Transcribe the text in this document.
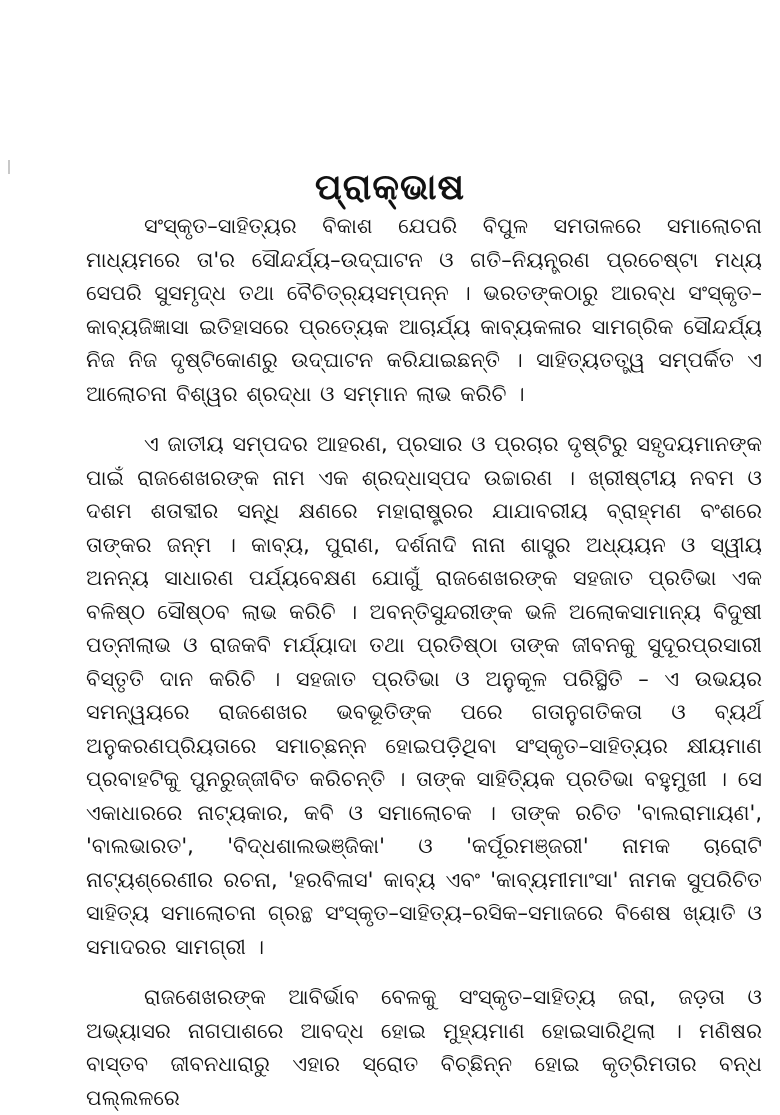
ପ୍ରାକ୍‌ଭାଷ

ସଂସ୍କୃତ–ସାହିତ୍ୟର ବିକାଶ ଯେପରି ବିପୁଳ ସମତାଳରେ ସମାଲୋଚନା ମାଧ୍ୟମରେ ତା'ର ସୌନ୍ଦର୍ଯ୍ୟ–ଉଦ୍‌ଘାଟନ ଓ ଗତି–ନିୟନ୍ତ୍ରଣ ପ୍ରଚେଷ୍ଟା ମଧ୍ୟ ସେପରି ସୁସମୃଦ୍ଧ ତଥା ବୈଚିତ୍ର୍ୟସମ୍ପନ୍ନ । ଭରତଙ୍କଠାରୁ ଆରବ୍ଧ ସଂସ୍କୃତ–କାବ୍ୟଜିଜ୍ଞାସା ଇତିହାସରେ ପ୍ରତ୍ୟେକ ଆଚାର୍ଯ୍ୟ କାବ୍ୟକଳାର ସାମଗ୍ରିକ ସୌନ୍ଦର୍ଯ୍ୟ ନିଜ ନିଜ ଦୃଷ୍ଟିକୋଣରୁ ଉଦ୍‌ଘାଟନ କରିଯାଇଛନ୍ତି । ସାହିତ୍ୟତତ୍ତ୍ୱ ସମ୍ପର୍କିତ ଏ ଆଲୋଚନା ବିଶ୍ୱର ଶ୍ରଦ୍ଧା ଓ ସମ୍ମାନ ଲାଭ କରିଚି ।

ଏ ଜାତୀୟ ସମ୍ପଦର ଆହରଣ, ପ୍ରସାର ଓ ପ୍ରଚାର ଦୃଷ୍ଟିରୁ ସହୃଦୟମାନଙ୍କ ପାଇଁ ରାଜଶେଖରଙ୍କ ନାମ ଏକ ଶ୍ରଦ୍ଧାସ୍ପଦ ଉଚ୍ଚାରଣ । ଖ୍ରୀଷ୍ଟୀୟ ନବମ ଓ ଦଶମ ଶତାବ୍ଦୀର ସନ୍ଧି କ୍ଷଣରେ ମହାରାଷ୍ଟ୍ରର ଯାଯାବରୀୟ ବ୍ରାହ୍ମଣ ବଂଶରେ ତାଙ୍କର ଜନ୍ମ । କାବ୍ୟ, ପୁରାଣ, ଦର୍ଶନାଦି ନାନା ଶାସ୍ତ୍ର ଅଧ୍ୟୟନ ଓ ସ୍ୱୀୟ ଅନନ୍ୟ ସାଧାରଣ ପର୍ଯ୍ୟବେକ୍ଷଣ ଯୋଗୁଁ ରାଜଶେଖରଙ୍କ ସହଜାତ ପ୍ରତିଭା ଏକ ବଳିଷ୍ଠ ସୌଷ୍ଠବ ଲାଭ କରିଚି । ଅବନ୍ତିସୁନ୍ଦରୀଙ୍କ ଭଳି ଅଲୋକସାମାନ୍ୟ ବିଦୁଷୀ ପତ୍ନୀଲାଭ ଓ ରାଜକବି ମର୍ଯ୍ୟାଦା ତଥା ପ୍ରତିଷ୍ଠା ତାଙ୍କ ଜୀବନକୁ ସୁଦୂରପ୍ରସାରୀ ବିସ୍ତୃତି ଦାନ କରିଚି । ସହଜାତ ପ୍ରତିଭା ଓ ଅନୁକୂଳ ପରିସ୍ଥିତି – ଏ ଉଭୟର ସମନ୍ୱୟରେ ରାଜଶେଖର ଭବଭୂତିଙ୍କ ପରେ ଗତାନୁଗତିକତା ଓ ବ୍ୟର୍ଥ ଅନୁକରଣପ୍ରିୟତାରେ ସମାଚ୍ଛନ୍ନ ହୋଇପଡ଼ିଥିବା ସଂସ୍କୃତ–ସାହିତ୍ୟର କ୍ଷୀୟମାଣ ପ୍ରବାହଟିକୁ ପୁନରୁଜ୍ଜୀବିତ କରିଚନ୍ତି । ତାଙ୍କ ସାହିତ୍ୟିକ ପ୍ରତିଭା ବହୁମୁଖୀ । ସେ ଏକାଧାରରେ ନାଟ୍ୟକାର, କବି ଓ ସମାଲୋଚକ । ତାଙ୍କ ରଚିତ 'ବାଲରାମାୟଣ', 'ବାଲଭାରତ', 'ବିଦ୍ଧଶାଲଭଞ୍ଜିକା' ଓ 'କର୍ପୂରମଞ୍ଜରୀ' ନାମକ ଚାରୋଟି ନାଟ୍ୟଶ୍ରେଣୀର ରଚନା, 'ହରବିଳାସ' କାବ୍ୟ ଏବଂ 'କାବ୍ୟମୀମାଂସା' ନାମକ ସୁପରିଚିତ ସାହିତ୍ୟ ସମାଲୋଚନା ଗ୍ରନ୍ଥ ସଂସ୍କୃତ–ସାହିତ୍ୟ–ରସିକ–ସମାଜରେ ବିଶେଷ ଖ୍ୟାତି ଓ ସମାଦରର ସାମଗ୍ରୀ ।

ରାଜଶେଖରଙ୍କ ଆବିର୍ଭାବ ବେଳକୁ ସଂସ୍କୃତ–ସାହିତ୍ୟ ଜରା, ଜଡ଼ତା ଓ ଅଭ୍ୟାସର ନାଗପାଶରେ ଆବଦ୍ଧ ହୋଇ ମୁହ୍ୟମାଣ ହୋଇସାରିଥିଲା । ମଣିଷର ବାସ୍ତବ ଜୀବନଧାରାରୁ ଏହାର ସ୍ରୋତ ବିଚ୍ଛିନ୍ନ ହୋଇ କୃତ୍ରିମତାର ବନ୍ଧ ପଲ୍ଲଳରେ
